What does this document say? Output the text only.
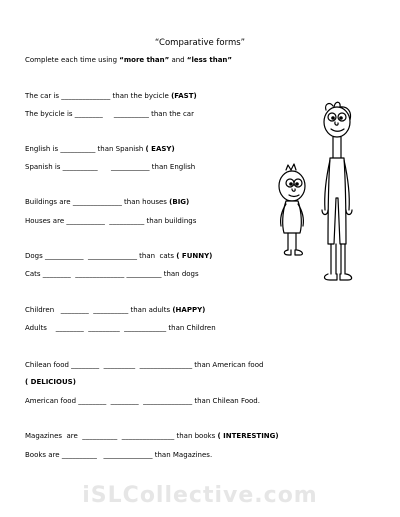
“Comparative forms”
Complete each time using “more than” and “less than”
The car is ______________ than the bycicle (FAST)
The bycicle is ________     __________ than the car
English is __________ than Spanish ( EASY)
Spanish is __________      ___________ than English
Buildings are ______________ than houses (BIG)
Houses are ___________  __________ than buildings
Dogs ___________  ______________ than  cats ( FUNNY)
Cats ________  ______________ __________ than dogs
Children   ________  __________ than adults (HAPPY)
Adults    ________  _________  ____________ than Children
Chilean food ________  _________  _______________ than American food
( DELICIOUS)
American food ________  ________  ______________ than Chilean Food.
Magazines  are  __________  _______________ than books ( INTERESTING)
Books are __________   ______________ than Magazines.
iSLCollective.com
